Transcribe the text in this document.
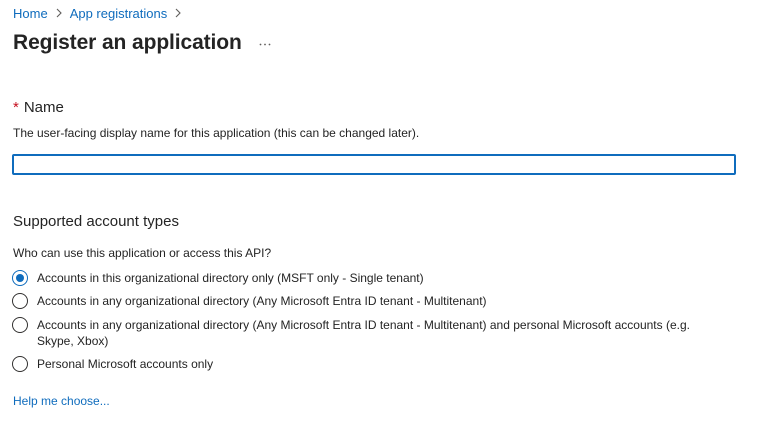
Home App registrations
Register an application
* Name
The user-facing display name for this application (this can be changed later).
Supported account types
Who can use this application or access this API?
Accounts in this organizational directory only (MSFT only - Single tenant)
Accounts in any organizational directory (Any Microsoft Entra ID tenant - Multitenant)
Accounts in any organizational directory (Any Microsoft Entra ID tenant - Multitenant) and personal Microsoft accounts (e.g. Skype, Xbox)
Personal Microsoft accounts only
Help me choose...
